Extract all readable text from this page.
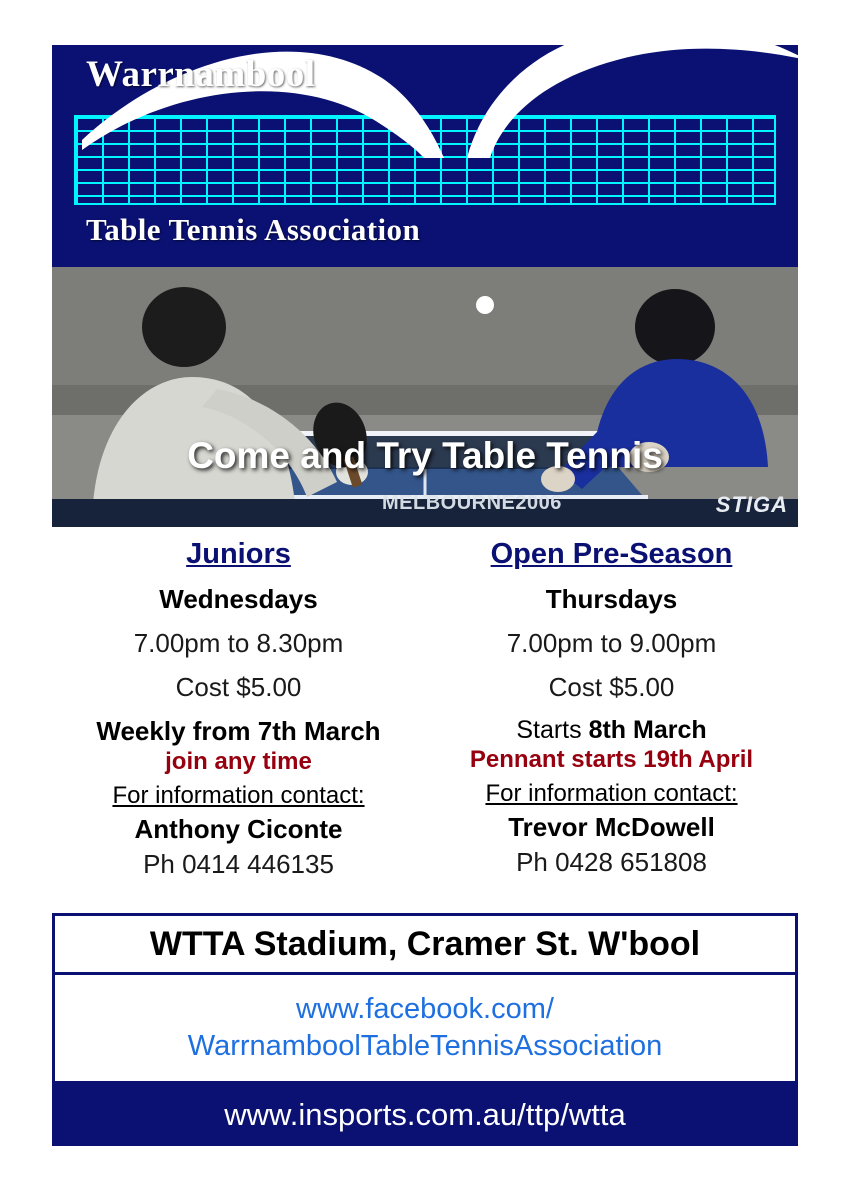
Warrnambool
Table Tennis Association
Come and Try Table Tennis
MELBOURNE2006	STIGA
Juniors
Wednesdays
7.00pm to 8.30pm
Cost $5.00
Weekly from 7th March
join any time
For information contact:
Anthony Ciconte
Ph 0414 446135
Open Pre-Season
Thursdays
7.00pm to 9.00pm
Cost $5.00
Starts 8th March
Pennant starts 19th April
For information contact:
Trevor McDowell
Ph 0428 651808
WTTA Stadium, Cramer St. W'bool
www.facebook.com/
WarrnamboolTableTennisAssociation
www.insports.com.au/ttp/wtta
